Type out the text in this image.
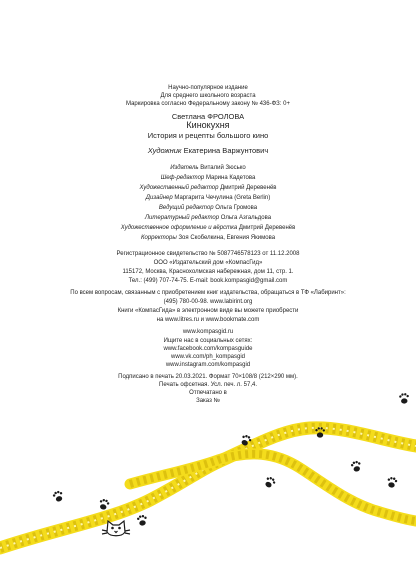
Научно-популярное издание
Для среднего школьного возраста
Маркировка согласно Федеральному закону № 436-ФЗ: 0+
Светлана ФРОЛОВА
Кинокухня
История и рецепты большого кино
Художник Екатерина Варжунтович
Издатель Виталий Зюсько
Шеф-редактор Марина Кадетова
Художественный редактор Дмитрий Деревенёв
Дизайнер Маргарита Чечулина (Greta Berlin)
Ведущий редактор Ольга Громова
Литературный редактор Ольга Азгальдова
Художественное оформление и вёрстка Дмитрий Деревенёв
Корректоры Зоя Скобелкина, Евгения Якимова
Регистрационное свидетельство № 5087746578123 от 11.12.2008
ООО «Издательский дом «КомпасГид»
115172, Москва, Краснохолмская набережная, дом 11, стр. 1.
Тел.: (499) 707-74-75. E-mail: book.kompasgid@gmail.com
По всем вопросам, связанным с приобретением книг издательства, обращаться в ТФ «Лабиринт»:
(495) 780-00-98. www.labirint.org
Книги «КомпасГида» в электронном виде вы можете приобрести
на www.litres.ru и www.bookmate.com
www.kompasgid.ru
Ищите нас в социальных сетях:
www.facebook.com/kompasguide
www.vk.com/ph_kompasgid
www.instagram.com/kompasgid
Подписано в печать 20.03.2021. Формат 70×108/8 (212×290 мм).
Печать офсетная. Усл. печ. л. 57,4.
Отпечатано в
Заказ №
